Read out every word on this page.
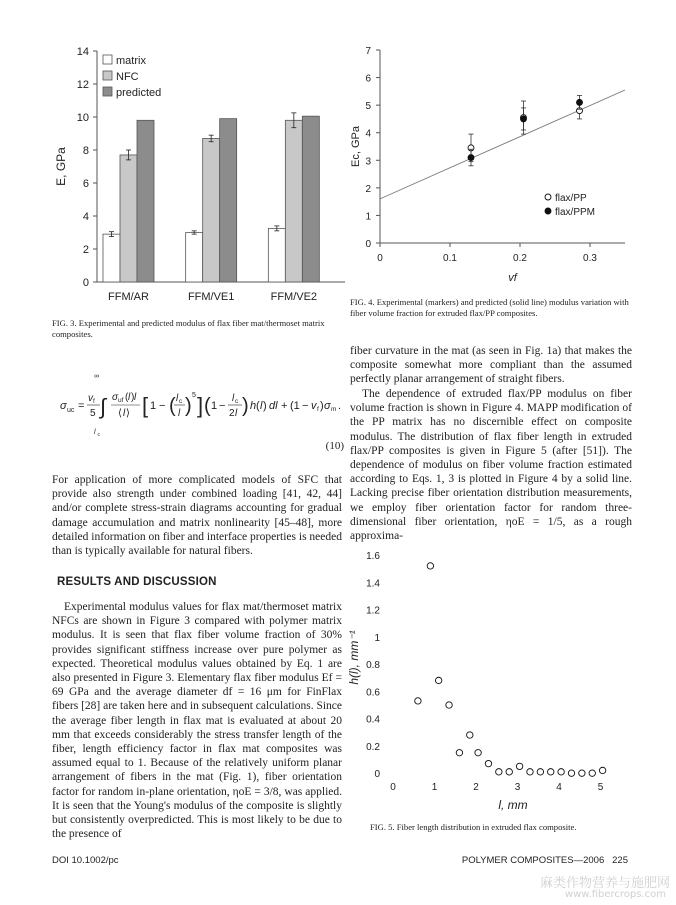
0
2
4
6
8
10
12
14
E, GPa
FFM/AR	FFM/VE1	FFM/VE2
matrix
NFC
predicted
FIG. 3. Experimental and predicted modulus of flax fiber mat/thermoset matrix composites.
0
1
2
3
4
5
6
7
0	0.1	0.2	0.3
Ec, GPa
vf
flax/PP
flax/PPM
FIG. 4. Experimental (markers) and predicted (solid line) modulus variation with fiber volume fraction for extruded flax/PP composites.
∞
σ uc =
v f
5 ∫
l c
σ uf ( l ) l
⟨ l ⟩ [ 1 − ( l c
l ) 5 ] ( 1 −
l c
2 l ) h ( l ) dl + (1 − v f ) σ m .
(10)
For application of more complicated models of SFC that provide also strength under combined loading [41, 42, 44] and/or complete stress-strain diagrams accounting for gradual damage accumulation and matrix nonlinearity [45–48], more detailed information on fiber and interface properties is needed than is typically available for natural fibers.
RESULTS AND DISCUSSION
Experimental modulus values for flax mat/thermoset matrix NFCs are shown in Figure 3 compared with polymer matrix modulus. It is seen that flax fiber volume fraction of 30% provides significant stiffness increase over pure polymer as expected. Theoretical modulus values obtained by Eq. 1 are also presented in Figure 3. Elementary flax fiber modulus Ef = 69 GPa and the average diameter df = 16 μm for FinFlax fibers [28] are taken here and in subsequent calculations. Since the average fiber length in flax mat is evaluated at about 20 mm that exceeds considerably the stress transfer length of the fiber, length efficiency factor in flax mat composites was assumed equal to 1. Because of the relatively uniform planar arrangement of fibers in the mat (Fig. 1), fiber orientation factor for random in-plane orientation, ηoE = 3/8, was applied. It is seen that the Young's modulus of the composite is slightly but consistently overpredicted. This is most likely to be due to the presence of
fiber curvature in the mat (as seen in Fig. 1a) that makes the composite somewhat more compliant than the assumed perfectly planar arrangement of straight fibers.
The dependence of extruded flax/PP modulus on fiber volume fraction is shown in Figure 4. MAPP modification of the PP matrix has no discernible effect on composite modulus. The distribution of flax fiber length in extruded flax/PP composites is given in Figure 5 (after [51]). The dependence of modulus on fiber volume fraction estimated according to Eqs. 1, 3 is plotted in Figure 4 by a solid line. Lacking precise fiber orientation distribution measurements, we employ fiber orientation factor for random three-dimensional fiber orientation, ηoE = 1/5, as a rough approxima-
0
0.2
0.4
0.6
0.8
1
1.2
1.4
1.6
0	1	2	3	4	5
h(l), mm⁻¹
l, mm
FIG. 5. Fiber length distribution in extruded flax composite.
DOI 10.1002/pc	POLYMER COMPOSITES—2006   225
麻类作物营养与施肥网
www.fibercrops.com
